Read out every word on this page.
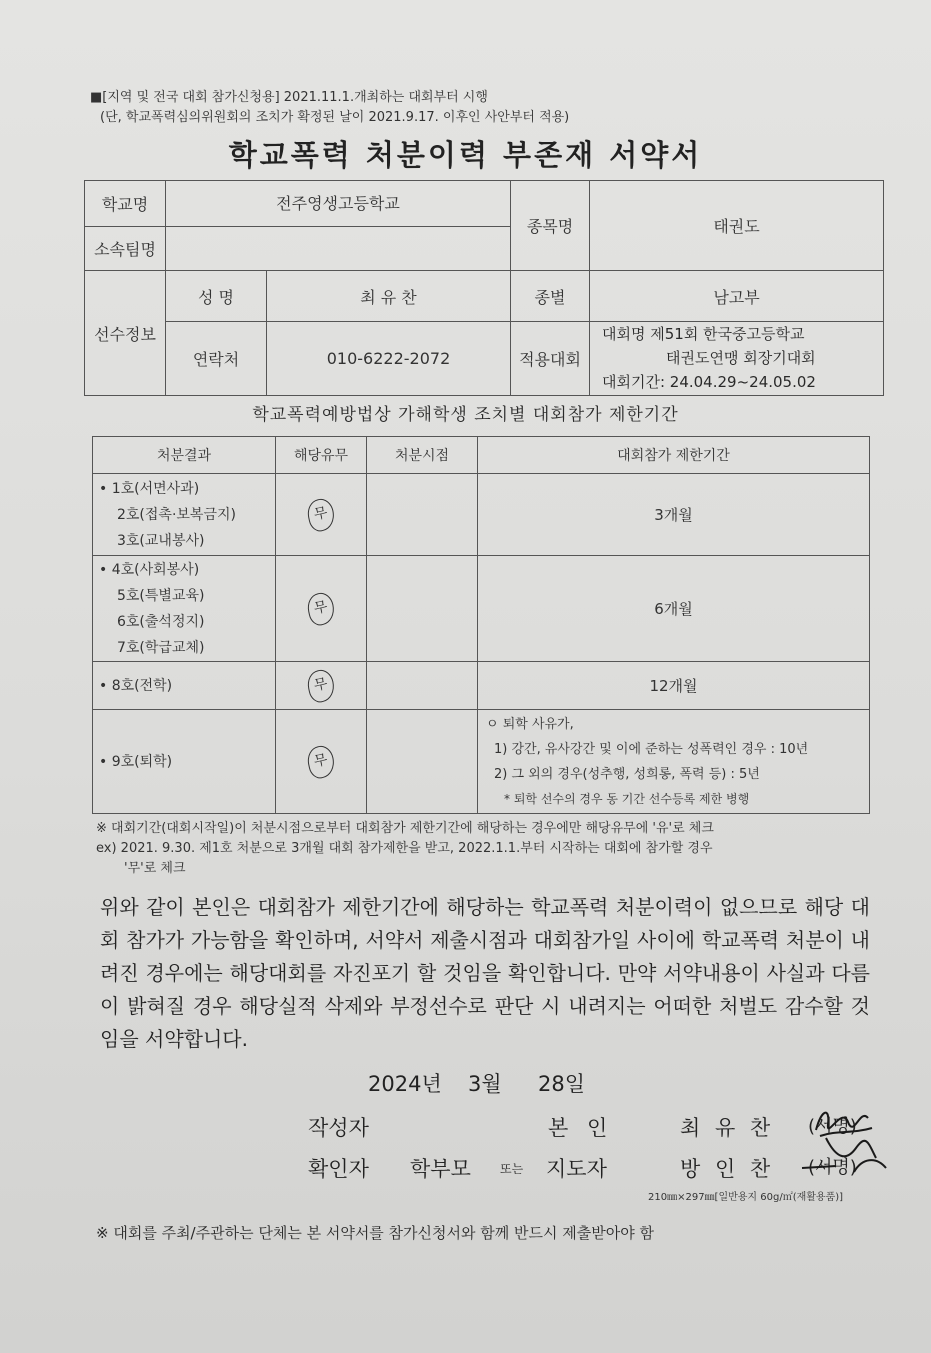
■[지역 및 전국 대회 참가신청용] 2021.11.1.개최하는 대회부터 시행
(단, 학교폭력심의위원회의 조치가 확정된 날이 2021.9.17. 이후인 사안부터 적용)
학교폭력 처분이력 부존재 서약서
학교명	전주영생고등학교		종목명	태권도
소속팀명				
선수정보	성 명	최 유 찬	종별	남고부
	연락처	010-6222-2072	적용대회	대회명 제51회 한국중고등학교
태권도연맹 회장기대회
대회기간: 24.04.29~24.05.02
학교폭력예방법상 가해학생 조치별 대회참가 제한기간
처분결과	해당유무	처분시점	대회참가 제한기간

• 1호(서면사과)
2호(접촉·보복금지)
3호(교내봉사)	무		3개월

• 4호(사회봉사)
5호(특별교육)
6호(출석정지)
7호(학급교체)	무		6개월

• 8호(전학)	무		12개월

• 9호(퇴학)	무		ㅇ 퇴학 사유가,
1) 강간, 유사강간 및 이에 준하는 성폭력인 경우 : 10년
2) 그 외의 경우(성추행, 성희롱, 폭력 등) : 5년
* 퇴학 선수의 경우 동 기간 선수등록 제한 병행
※ 대회기간(대회시작일)이 처분시점으로부터 대회참가 제한기간에 해당하는 경우에만 해당유무에 '유'로 체크
ex) 2021. 9.30. 제1호 처분으로 3개월 대회 참가제한을 받고, 2022.1.1.부터 시작하는 대회에 참가할 경우
'무'로 체크
위와 같이 본인은 대회참가 제한기간에 해당하는 학교폭력 처분이력이 없으므로 해당 대회 참가가 가능함을 확인하며, 서약서 제출시점과 대회참가일 사이에 학교폭력 처분이 내려진 경우에는 해당대회를 자진포기 할 것임을 확인합니다. 만약 서약내용이 사실과 다름이 밝혀질 경우 해당실적 삭제와 부정선수로 판단 시 내려지는 어떠한 처벌도 감수할 것임을 서약합니다.
2024년 3월 28일
작성자	본 인	최 유 찬 (서명)
확인자 학부모 또는 지도자	방 인 찬 (서명)
210㎜×297㎜[일반용지 60g/㎡(재활용품)]
※ 대회를 주최/주관하는 단체는 본 서약서를 참가신청서와 함께 반드시 제출받아야 함
